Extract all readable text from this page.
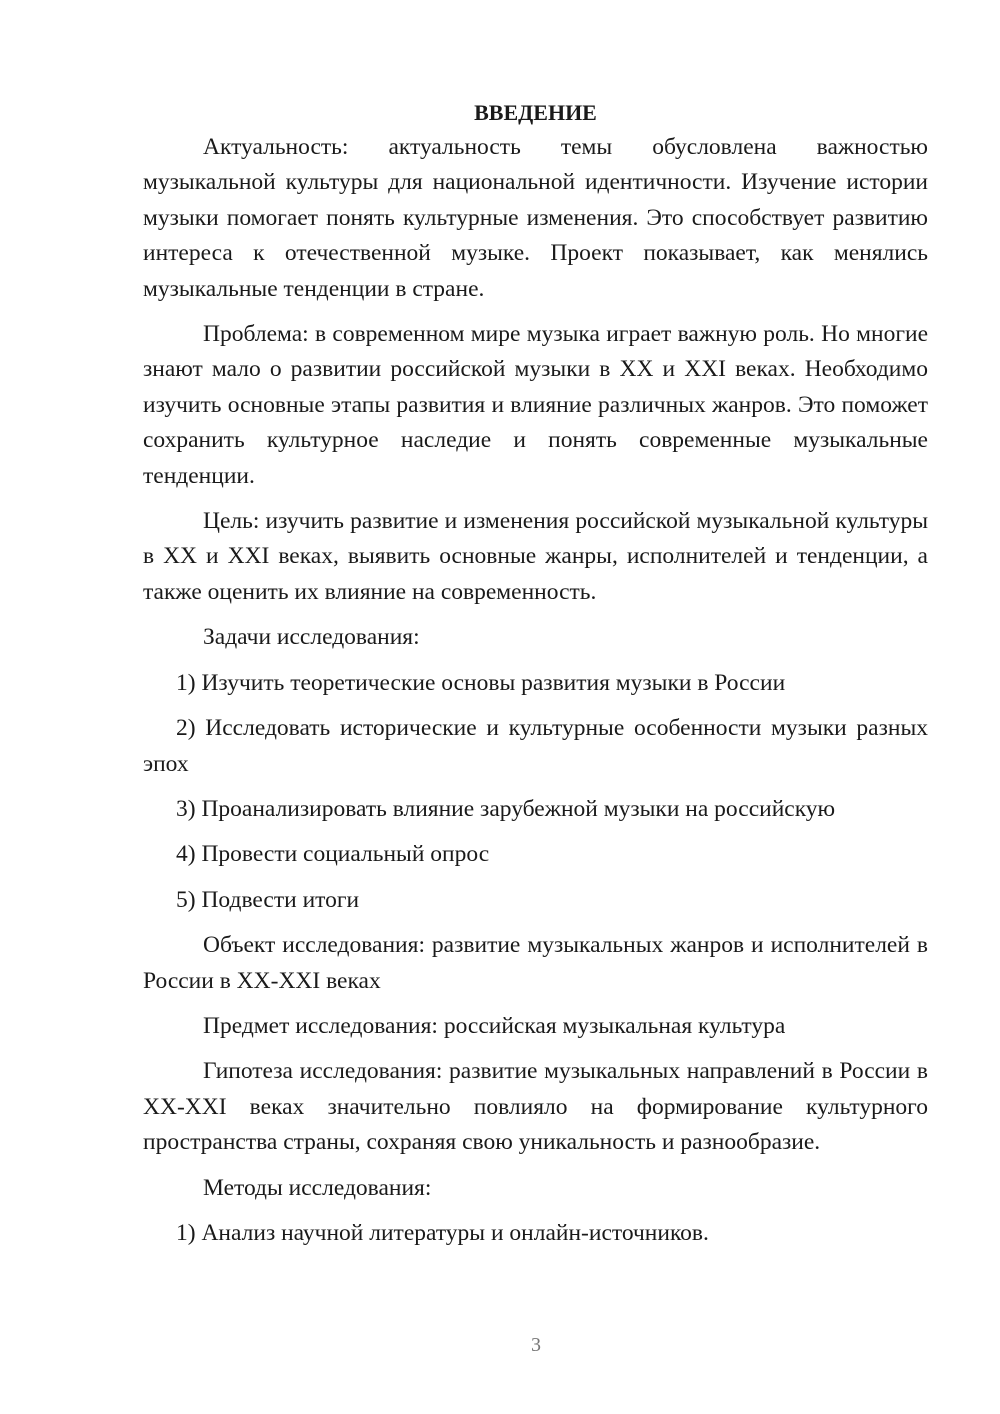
ВВЕДЕНИЕ

Актуальность: актуальность темы обусловлена важностью музыкальной культуры для национальной идентичности. Изучение истории музыки помогает понять культурные изменения. Это способствует развитию интереса к отечественной музыке. Проект показывает, как менялись музыкальные тенденции в стране.

Проблема: в современном мире музыка играет важную роль. Но многие знают мало о развитии российской музыки в XX и XXI веках. Необходимо изучить основные этапы развития и влияние различных жанров. Это поможет сохранить культурное наследие и понять современные музыкальные тенденции.

Цель: изучить развитие и изменения российской музыкальной культуры в XX и XXI веках, выявить основные жанры, исполнителей и тенденции, а также оценить их влияние на современность.

Задачи исследования:

1) Изучить теоретические основы развития музыки в России

2) Исследовать исторические и культурные особенности музыки разных эпох

3) Проанализировать влияние зарубежной музыки на российскую

4) Провести социальный опрос

5) Подвести итоги

Объект исследования: развитие музыкальных жанров и исполнителей в России в XX-XXI веках

Предмет исследования: российская музыкальная культура

Гипотеза исследования: развитие музыкальных направлений в России в XX-XXI веках значительно повлияло на формирование культурного пространства страны, сохраняя свою уникальность и разнообразие.

Методы исследования:

1) Анализ научной литературы и онлайн-источников.

3
